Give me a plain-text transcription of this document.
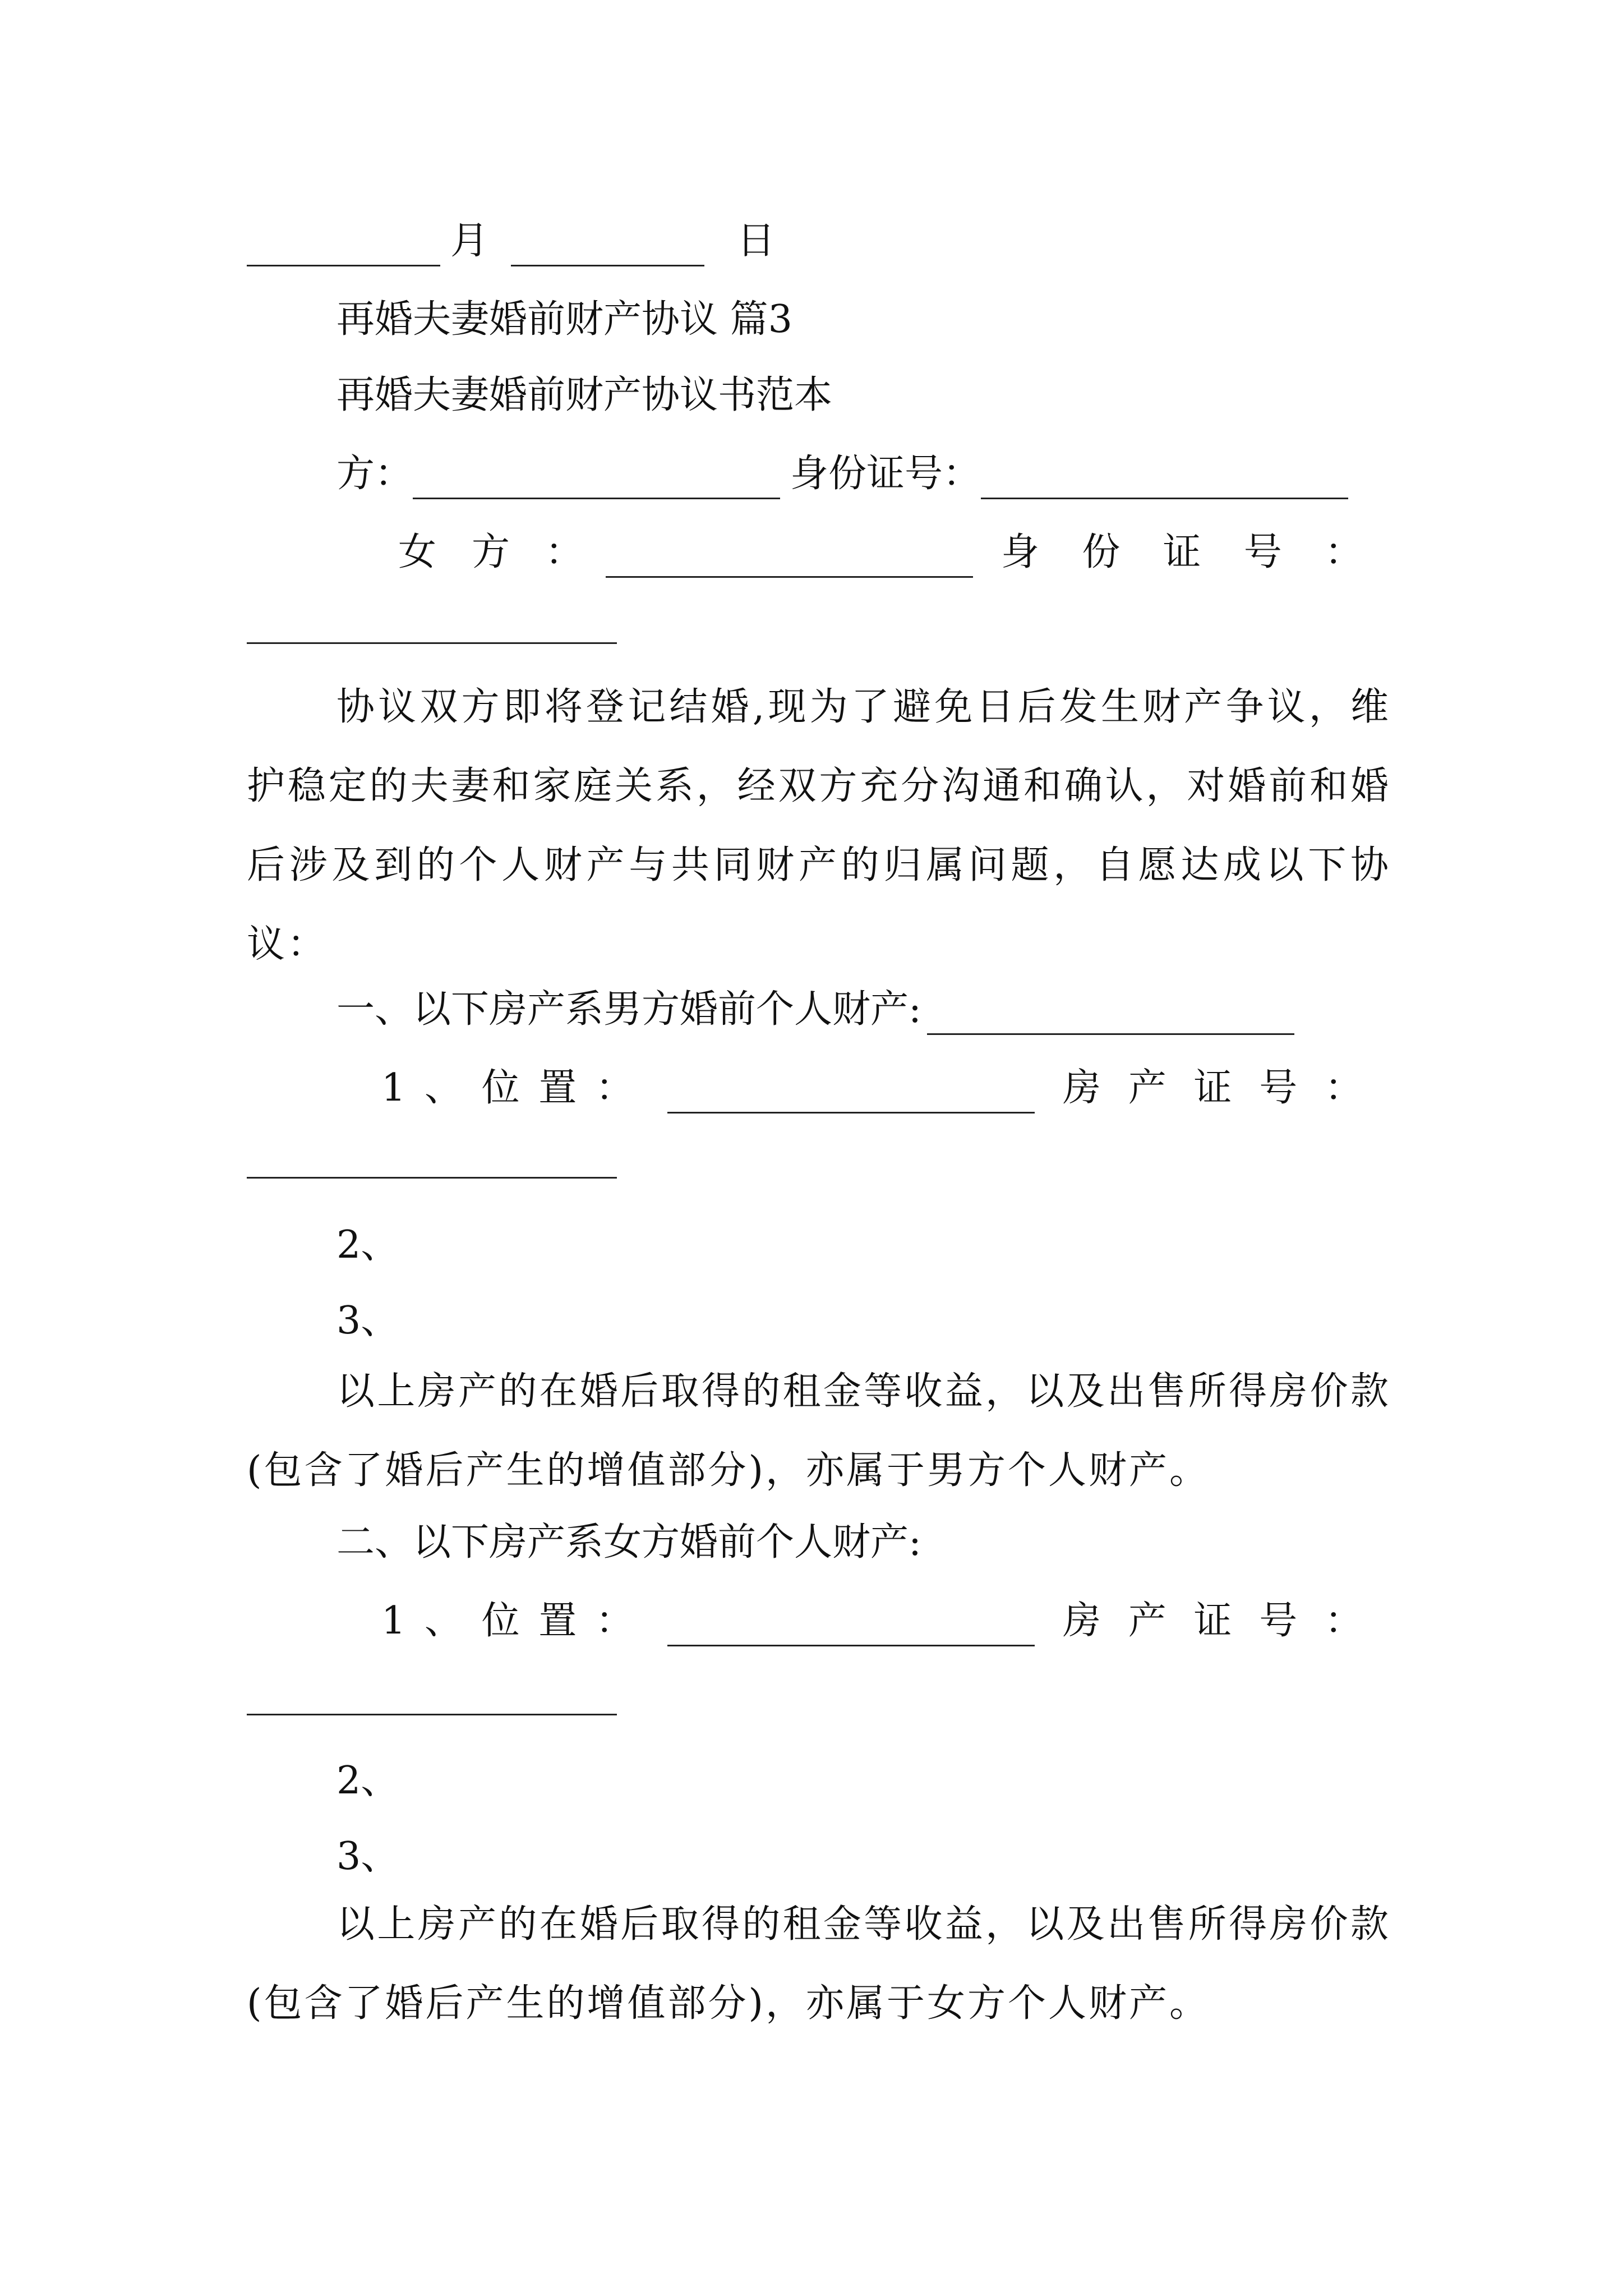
月	日
再婚夫妻婚前财产协议 篇3
再婚夫妻婚前财产协议书范本
方：	身份证号：
女 方 ：	身 份 证 号 ：
协议双方即将登记结婚,现为了避免日后发生财产争议，维护稳定的夫妻和家庭关系，经双方充分沟通和确认，对婚前和婚后涉及到的个人财产与共同财产的归属问题，自愿达成以下协议：
一、以下房产系男方婚前个人财产:
1 、 位 置 ：	房 产 证 号 ：
2、
3、
以上房产的在婚后取得的租金等收益，以及出售所得房价款(包含了婚后产生的增值部分)，亦属于男方个人财产。
二、以下房产系女方婚前个人财产:
1 、 位 置 ：	房 产 证 号 ：
2、
3、
以上房产的在婚后取得的租金等收益，以及出售所得房价款(包含了婚后产生的增值部分)，亦属于女方个人财产。
